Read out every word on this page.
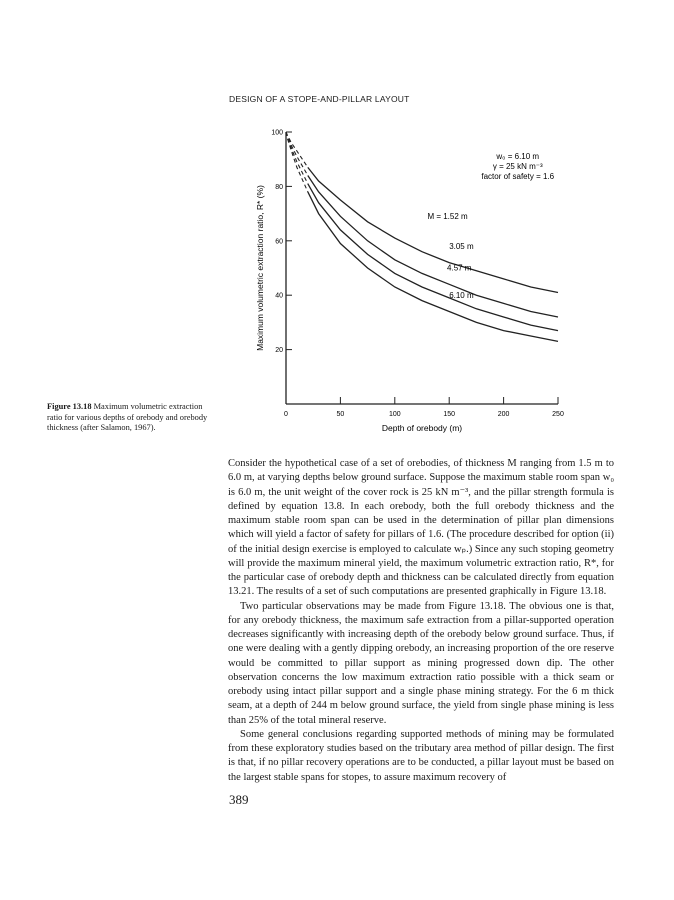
DESIGN OF A STOPE-AND-PILLAR LAYOUT
0	50	100	150	200	250
20
40
60
80
100
Depth of orebody (m)
Maximum volumetric extraction ratio, R* (%)	M = 1.52 m
3.05 m
4.57 m
6.10 m
w₀ = 6.10 m
γ = 25 kN m⁻³
factor of safety = 1.6
Figure 13.18 Maximum volumetric extraction ratio for various depths of orebody and orebody thickness (after Salamon, 1967).

Consider the hypothetical case of a set of orebodies, of thickness M ranging from 1.5 m to 6.0 m, at varying depths below ground surface. Suppose the maximum stable room span w₀ is 6.0 m, the unit weight of the cover rock is 25 kN m⁻³, and the pillar strength formula is defined by equation 13.8. In each orebody, both the full orebody thickness and the maximum stable room span can be used in the determination of pillar plan dimensions which will yield a factor of safety for pillars of 1.6. (The procedure described for option (ii) of the initial design exercise is employed to calculate wₚ.) Since any such stoping geometry will provide the maximum mineral yield, the maximum volumetric extraction ratio, R*, for the particular case of orebody depth and thickness can be calculated directly from equation 13.21. The results of a set of such computations are presented graphically in Figure 13.18.

Two particular observations may be made from Figure 13.18. The obvious one is that, for any orebody thickness, the maximum safe extraction from a pillar-supported operation decreases significantly with increasing depth of the orebody below ground surface. Thus, if one were dealing with a gently dipping orebody, an increasing proportion of the ore reserve would be committed to pillar support as mining progressed down dip. The other observation concerns the low maximum extraction ratio possible with a thick seam or orebody using intact pillar support and a single phase mining strategy. For the 6 m thick seam, at a depth of 244 m below ground surface, the yield from single phase mining is less than 25% of the total mineral reserve.

Some general conclusions regarding supported methods of mining may be formulated from these exploratory studies based on the tributary area method of pillar design. The first is that, if no pillar recovery operations are to be conducted, a pillar layout must be based on the largest stable spans for stopes, to assure maximum recovery of

389
